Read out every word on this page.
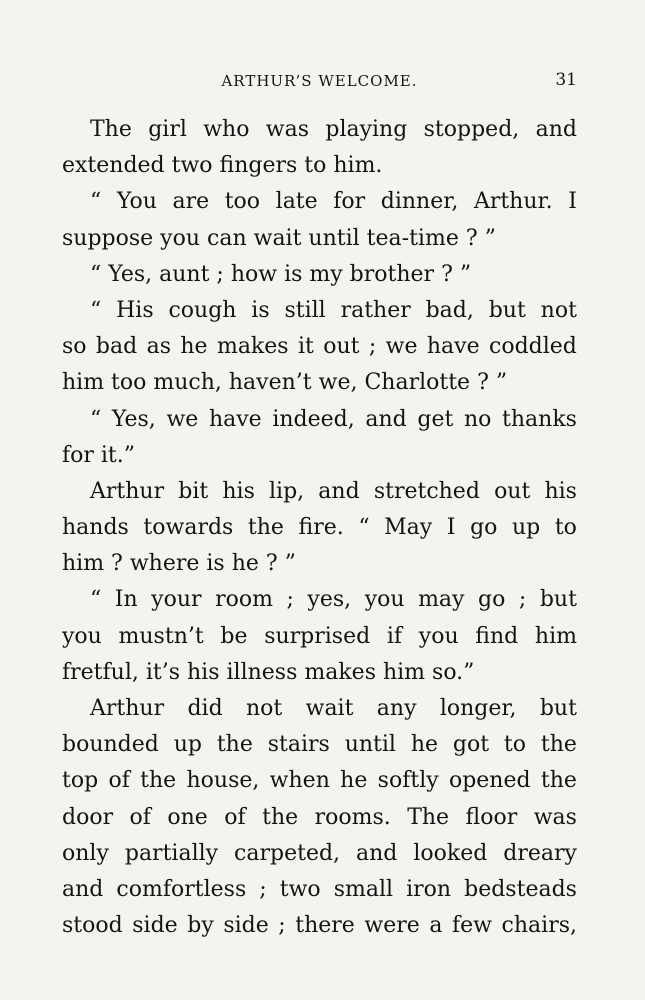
ARTHUR’S WELCOME.	31
The girl who was playing stopped, and
extended two fingers to him.
“ You are too late for dinner, Arthur. I
suppose you can wait until tea-time ? ”
“ Yes, aunt ; how is my brother ? ”
“ His cough is still rather bad, but not
so bad as he makes it out ; we have coddled
him too much, haven’t we, Charlotte ? ”
“ Yes, we have indeed, and get no thanks
for it.”
Arthur bit his lip, and stretched out his
hands towards the fire. “ May I go up to
him ? where is he ? ”
“ In your room ; yes, you may go ; but
you mustn’t be surprised if you find him
fretful, it’s his illness makes him so.”
Arthur did not wait any longer, but
bounded up the stairs until he got to the
top of the house, when he softly opened the
door of one of the rooms. The floor was
only partially carpeted, and looked dreary
and comfortless ; two small iron bedsteads
stood side by side ; there were a few chairs,
